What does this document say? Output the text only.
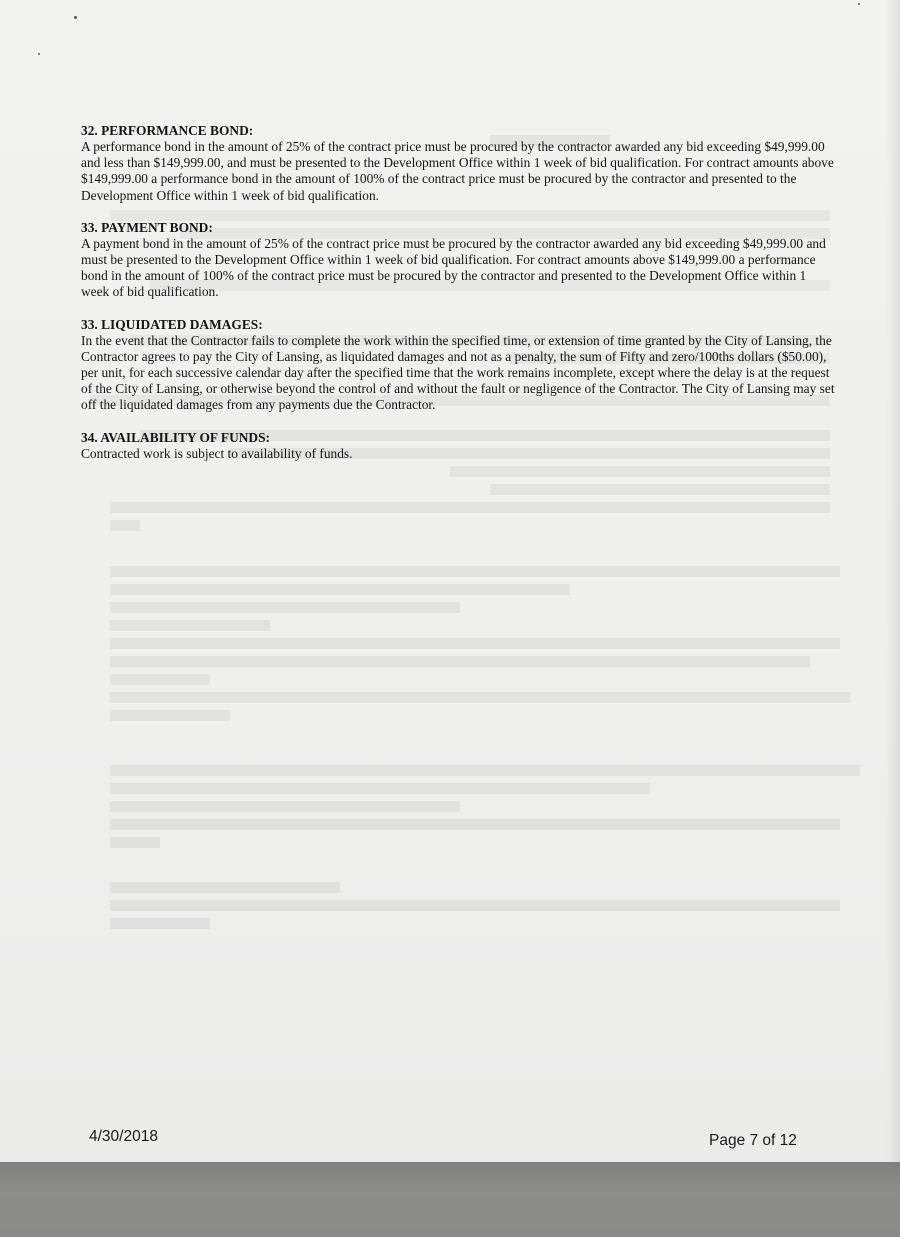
32. PERFORMANCE BOND:

A performance bond in the amount of 25% of the contract price must be procured by the contractor awarded any bid exceeding $49,999.00 and less than $149,999.00, and must be presented to the Development Office within 1 week of bid qualification. For contract amounts above $149,999.00 a performance bond in the amount of 100% of the contract price must be procured by the contractor and presented to the Development Office within 1 week of bid qualification.

33. PAYMENT BOND:

A payment bond in the amount of 25% of the contract price must be procured by the contractor awarded any bid exceeding $49,999.00 and must be presented to the Development Office within 1 week of bid qualification. For contract amounts above $149,999.00 a performance bond in the amount of 100% of the contract price must be procured by the contractor and presented to the Development Office within 1 week of bid qualification.

33. LIQUIDATED DAMAGES:

In the event that the Contractor fails to complete the work within the specified time, or extension of time granted by the City of Lansing, the Contractor agrees to pay the City of Lansing, as liquidated damages and not as a penalty, the sum of Fifty and zero/100ths dollars ($50.00), per unit, for each successive calendar day after the specified time that the work remains incomplete, except where the delay is at the request of the City of Lansing, or otherwise beyond the control of and without the fault or negligence of the Contractor. The City of Lansing may set off the liquidated damages from any payments due the Contractor.

34. AVAILABILITY OF FUNDS:

Contracted work is subject to availability of funds.

4/30/2018	Page 7 of 12
